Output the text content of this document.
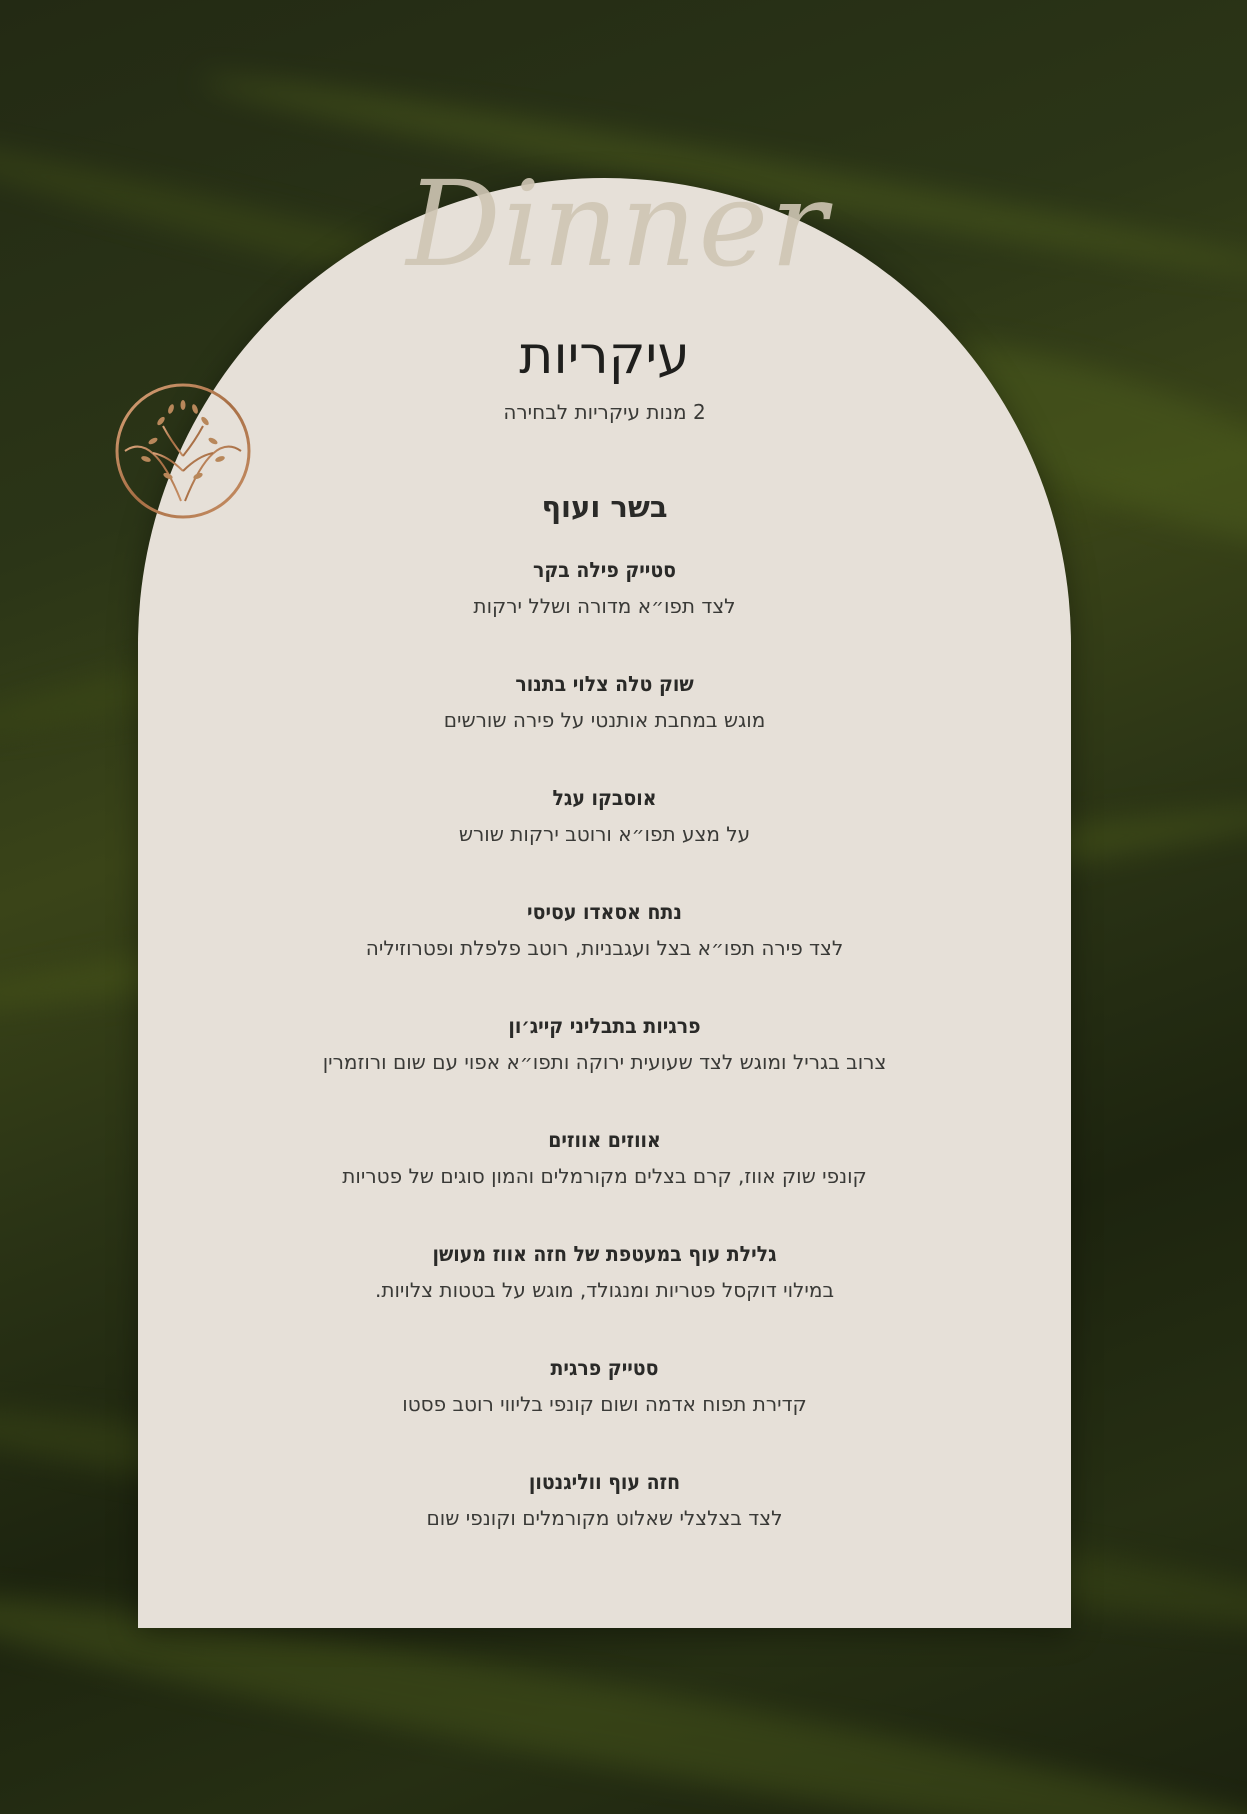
Dinner
עיקריות
2 מנות עיקריות לבחירה
בשר ועוף
סטייק פילה בקר
לצד תפו״א מדורה ושלל ירקות
שוק טלה צלוי בתנור
מוגש במחבת אותנטי על פירה שורשים
אוסבקו עגל
על מצע תפו״א ורוטב ירקות שורש
נתח אסאדו עסיסי
לצד פירה תפו״א בצל ועגבניות, רוטב פלפלת ופטרוזיליה
פרגיות בתבליני קייג׳ון
צרוב בגריל ומוגש לצד שעועית ירוקה ותפו״א אפוי עם שום ורוזמרין
אווזים אווזים
קונפי שוק אווז, קרם בצלים מקורמלים והמון סוגים של פטריות
גלילת עוף במעטפת של חזה אווז מעושן
במילוי דוקסל פטריות ומנגולד, מוגש על בטטות צלויות.
סטייק פרגית
קדירת תפוח אדמה ושום קונפי בליווי רוטב פסטו
חזה עוף ווליגנטון
לצד בצלצלי שאלוט מקורמלים וקונפי שום
